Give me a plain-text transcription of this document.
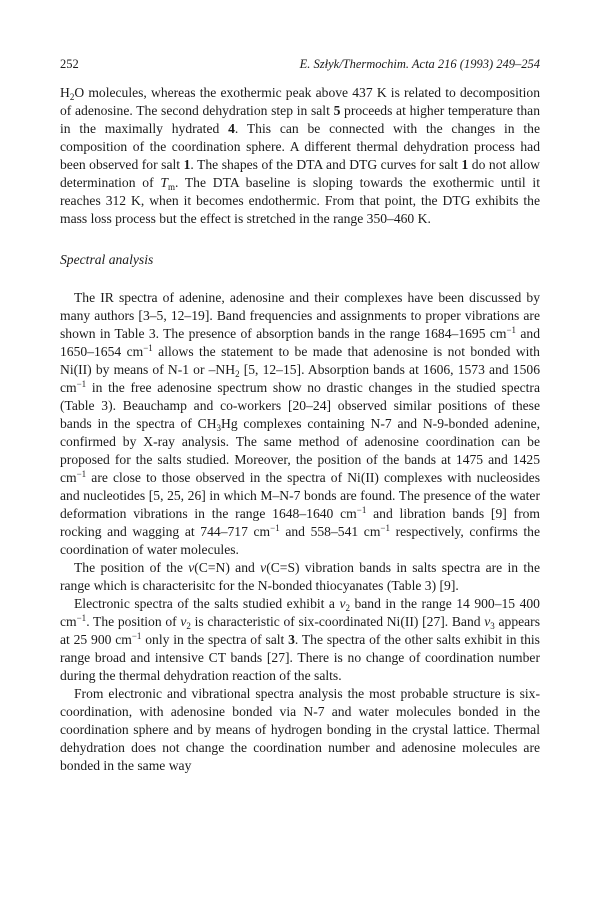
252	E. Szłyk/Thermochim. Acta 216 (1993) 249–254

$H_2O$ molecules, whereas the exothermic peak above 437 K is related to decomposition of adenosine. The second dehydration step in salt 5 proceeds at higher temperature than in the maximally hydrated 4. This can be connected with the changes in the composition of the coordination sphere. A different thermal dehydration process had been observed for salt 1. The shapes of the DTA and DTG curves for salt 1 do not allow determination of $T_m$. The DTA baseline is sloping towards the exothermic until it reaches 312 K, when it becomes endothermic. From that point, the DTG exhibits the mass loss process but the effect is stretched in the range 350–460 K.

Spectral analysis

The IR spectra of adenine, adenosine and their complexes have been discussed by many authors [3–5, 12–19]. Band frequencies and assignments to proper vibrations are shown in Table 3. The presence of absorption bands in the range 1684–1695 $cm^{-1}$ and 1650–1654 $cm^{-1}$ allows the statement to be made that adenosine is not bonded with Ni(II) by means of N-1 or $-NH_2$ [5, 12–15]. Absorption bands at 1606, 1573 and 1506 $cm^{-1}$ in the free adenosine spectrum show no drastic changes in the studied spectra (Table 3). Beauchamp and co-workers [20–24] observed similar positions of these bands in the spectra of $CH_3Hg$ complexes containing N-7 and N-9-bonded adenine, confirmed by X-ray analysis. The same method of adenosine coordination can be proposed for the salts studied. Moreover, the position of the bands at 1475 and 1425 $cm^{-1}$ are close to those observed in the spectra of Ni(II) complexes with nucleosides and nucleotides [5, 25, 26] in which M–N-7 bonds are found. The presence of the water deformation vibrations in the range 1648–1640 $cm^{-1}$ and libration bands [9] from rocking and wagging at 744–717 $cm^{-1}$ and 558–541 $cm^{-1}$ respectively, confirms the coordination of water molecules.

The position of the ν(C=N) and ν(C=S) vibration bands in salts spectra are in the range which is characterisitc for the N-bonded thiocyanates (Table 3) [9].

Electronic spectra of the salts studied exhibit a $\nu_2$ band in the range 14 900–15 400 $cm^{-1}$. The position of $\nu_2$ is characteristic of six-coordinated Ni(II) [27]. Band $\nu_3$ appears at 25 900 $cm^{-1}$ only in the spectra of salt 3. The spectra of the other salts exhibit in this range broad and intensive CT bands [27]. There is no change of coordination number during the thermal dehydration reaction of the salts.

From electronic and vibrational spectra analysis the most probable structure is six-coordination, with adenosine bonded via N-7 and water molecules bonded in the coordination sphere and by means of hydrogen bonding in the crystal lattice. Thermal dehydration does not change the coordination number and adenosine molecules are bonded in the same way
